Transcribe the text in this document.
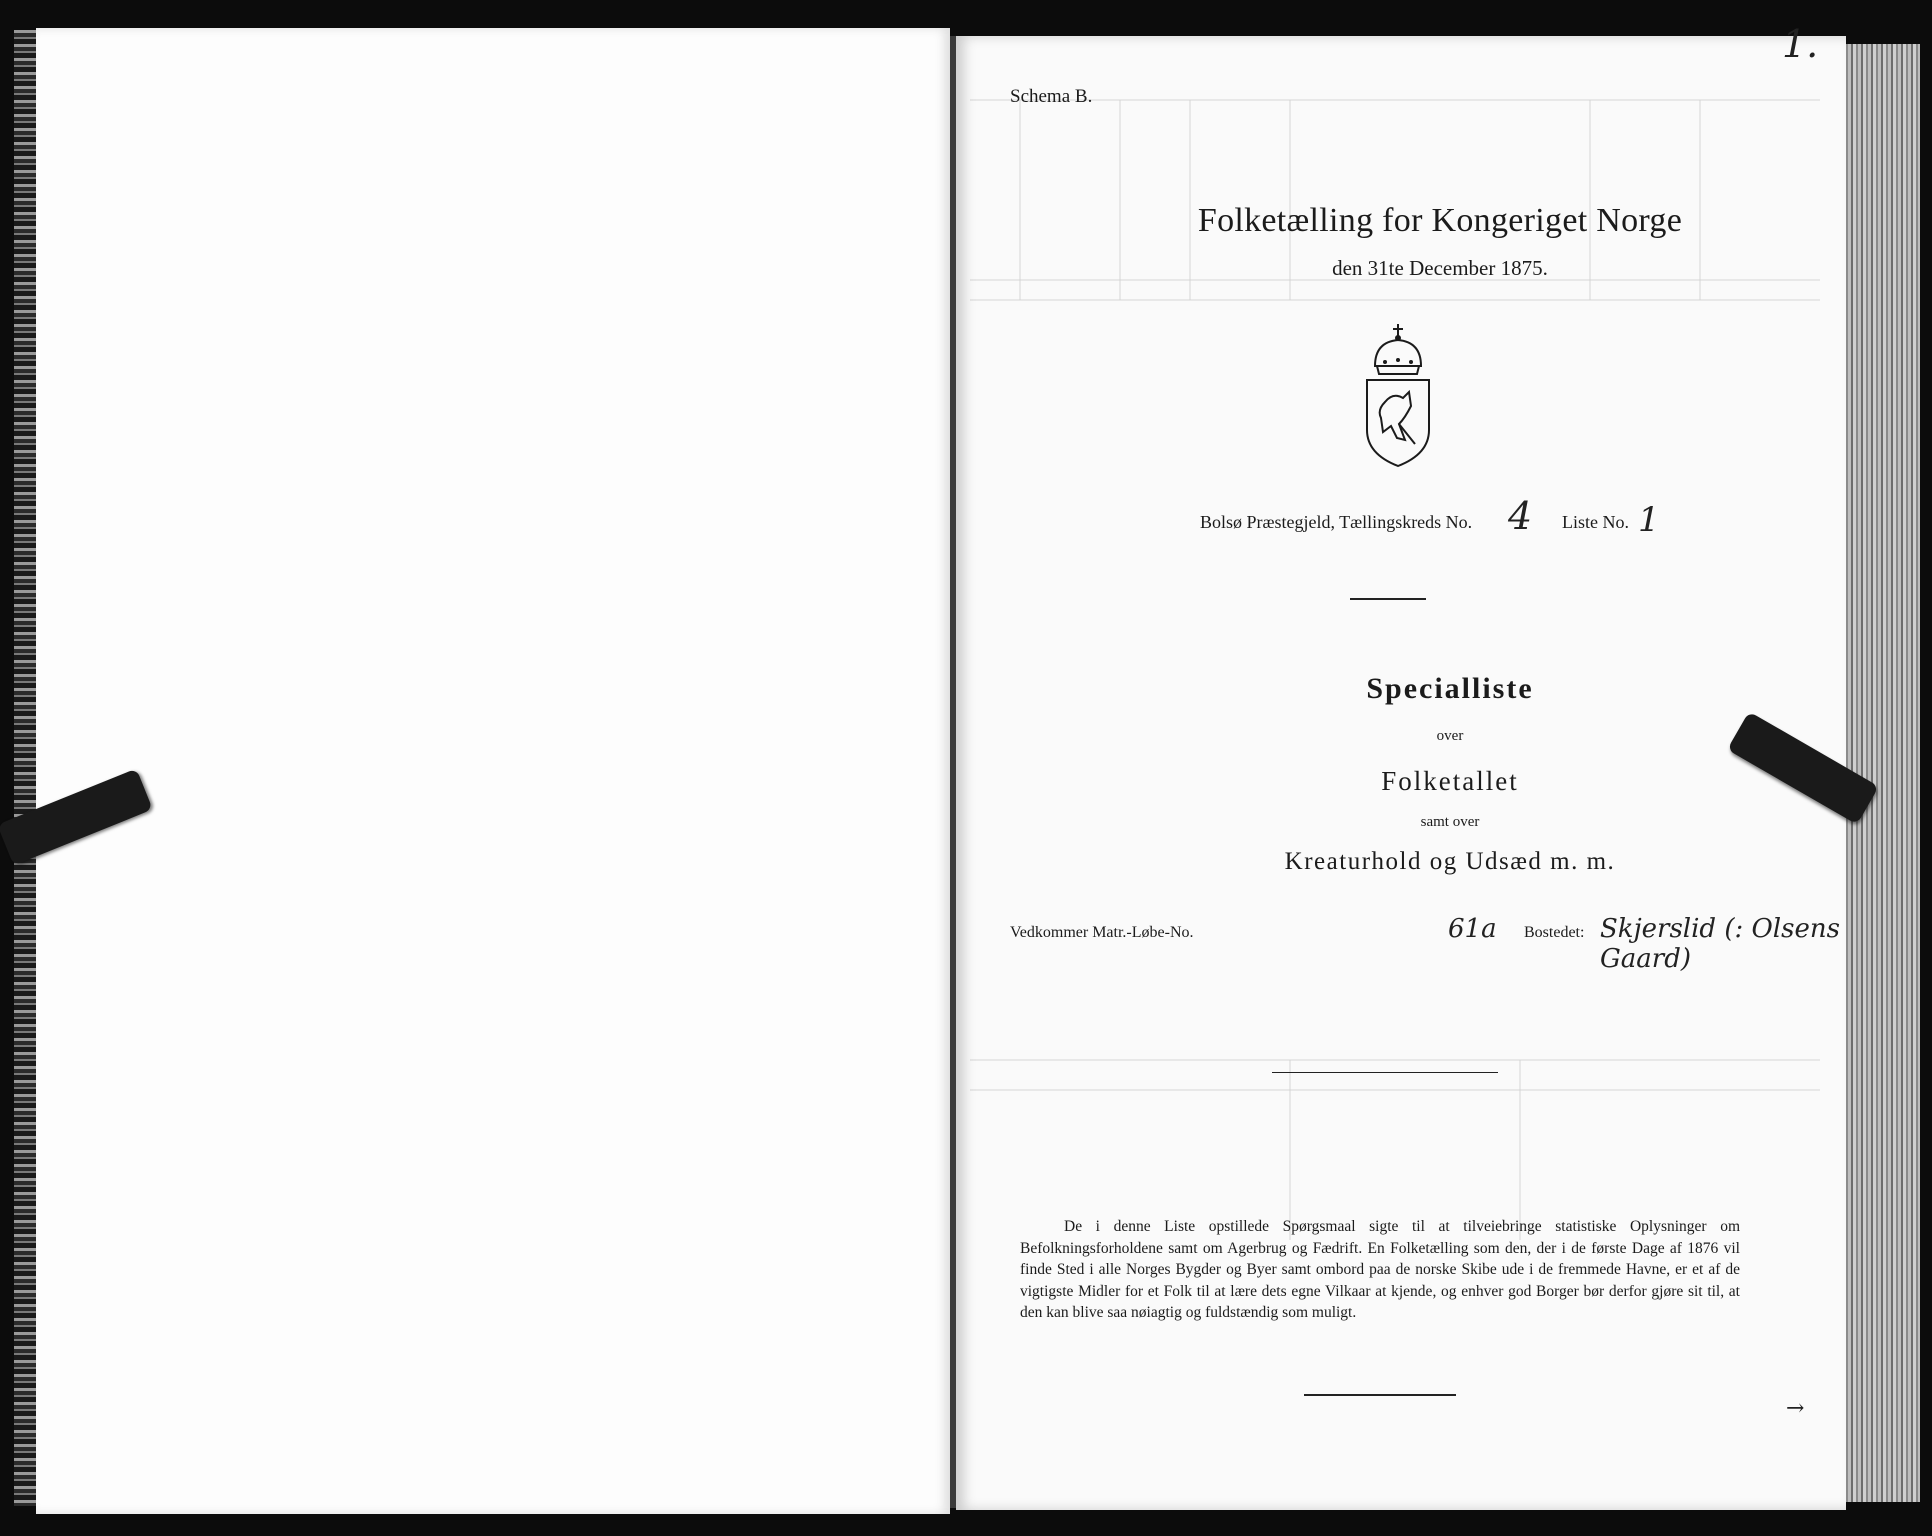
1.
Schema B.
Folketælling for Kongeriget Norge
den 31te December 1875.
Bolsø Præstegjeld, Tællingskreds No. 4 Liste No. 1
Specialliste
over
Folketallet
samt over
Kreaturhold og Udsæd m. m.
Vedkommer Matr.-Løbe-No.	61a Bostedet: Skjerslid (: Olsens Gaard)
De i denne Liste opstillede Spørgsmaal sigte til at tilveiebringe statistiske Oplysninger om Befolkningsforholdene samt om Agerbrug og Fædrift. En Folketælling som den, der i de første Dage af 1876 vil finde Sted i alle Norges Bygder og Byer samt ombord paa de norske Skibe ude i de fremmede Havne, er et af de vigtigste Midler for et Folk til at lære dets egne Vilkaar at kjende, og enhver god Borger bør derfor gjøre sit til, at den kan blive saa nøiagtig og fuldstændig som muligt.
→
